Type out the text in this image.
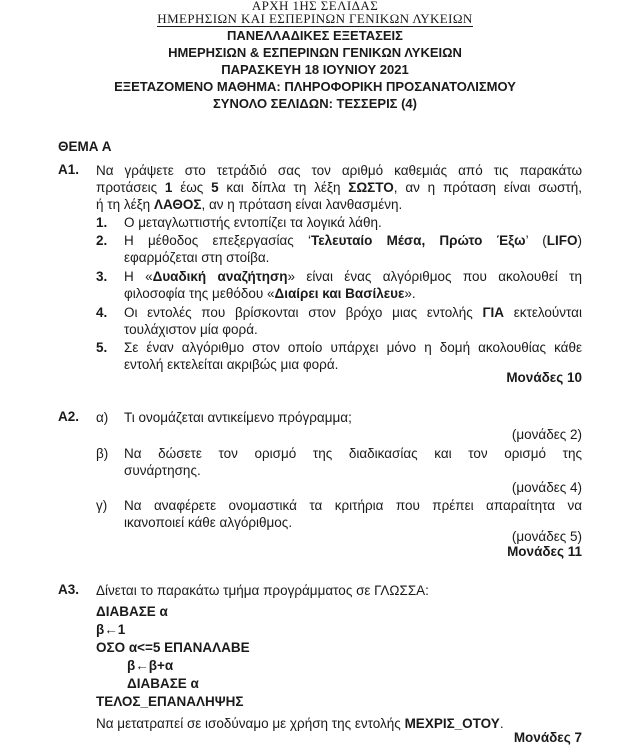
ΑΡΧΗ 1ΗΣ ΣΕΛΙΔΑΣ
ΗΜΕΡΗΣΙΩΝ ΚΑΙ ΕΣΠΕΡΙΝΩΝ ΓΕΝΙΚΩΝ ΛΥΚΕΙΩΝ
ΠΑΝΕΛΛΑΔΙΚΕΣ ΕΞΕΤΑΣΕΙΣ
ΗΜΕΡΗΣΙΩΝ & ΕΣΠΕΡΙΝΩΝ ΓΕΝΙΚΩΝ ΛΥΚΕΙΩΝ
ΠΑΡΑΣΚΕΥΗ 18 ΙΟΥΝΙΟΥ 2021
ΕΞΕΤΑΖΟΜΕΝΟ ΜΑΘΗΜΑ: ΠΛΗΡΟΦΟΡΙΚΗ ΠΡΟΣΑΝΑΤΟΛΙΣΜΟΥ
ΣΥΝΟΛΟ ΣΕΛΙΔΩΝ: ΤΕΣΣΕΡΙΣ (4)
ΘΕΜΑ Α
Α1. Να γράψετε στο τετράδιό σας τον αριθμό καθεμιάς από τις παρακάτω
προτάσεις 1 έως 5 και δίπλα τη λέξη ΣΩΣΤΟ, αν η πρόταση είναι σωστή,
ή τη λέξη ΛΑΘΟΣ, αν η πρόταση είναι λανθασμένη.
1. Ο μεταγλωττιστής εντοπίζει τα λογικά λάθη.
2. Η μέθοδος επεξεργασίας ‘Τελευταίο Μέσα, Πρώτο Έξω’ (LIFO)
εφαρμόζεται στη στοίβα.
3. Η «Δυαδική αναζήτηση» είναι ένας αλγόριθμος που ακολουθεί τη
φιλοσοφία της μεθόδου «Διαίρει και Βασίλευε».
4. Οι εντολές που βρίσκονται στον βρόχο μιας εντολής ΓΙΑ εκτελούνται
τουλάχιστον μία φορά.
5. Σε έναν αλγόριθμο στον οποίο υπάρχει μόνο η δομή ακολουθίας κάθε
εντολή εκτελείται ακριβώς μια φορά.
Μονάδες 10
Α2. α) Τι ονομάζεται αντικείμενο πρόγραμμα;
(μονάδες 2)
β) Να δώσετε τον ορισμό της διαδικασίας και τον ορισμό της
συνάρτησης.
(μονάδες 4)
γ) Να αναφέρετε ονομαστικά τα κριτήρια που πρέπει απαραίτητα να
ικανοποιεί κάθε αλγόριθμος.
(μονάδες 5)
Μονάδες 11
Α3. Δίνεται το παρακάτω τμήμα προγράμματος σε ΓΛΩΣΣΑ:
ΔΙΑΒΑΣΕ α
β←1
ΟΣΟ α<=5 ΕΠΑΝΑΛΑΒΕ
β←β+α
ΔΙΑΒΑΣΕ α
ΤΕΛΟΣ_ΕΠΑΝΑΛΗΨΗΣ
Να μετατραπεί σε ισοδύναμο με χρήση της εντολής ΜΕΧΡΙΣ_ΟΤΟΥ.
Μονάδες 7
